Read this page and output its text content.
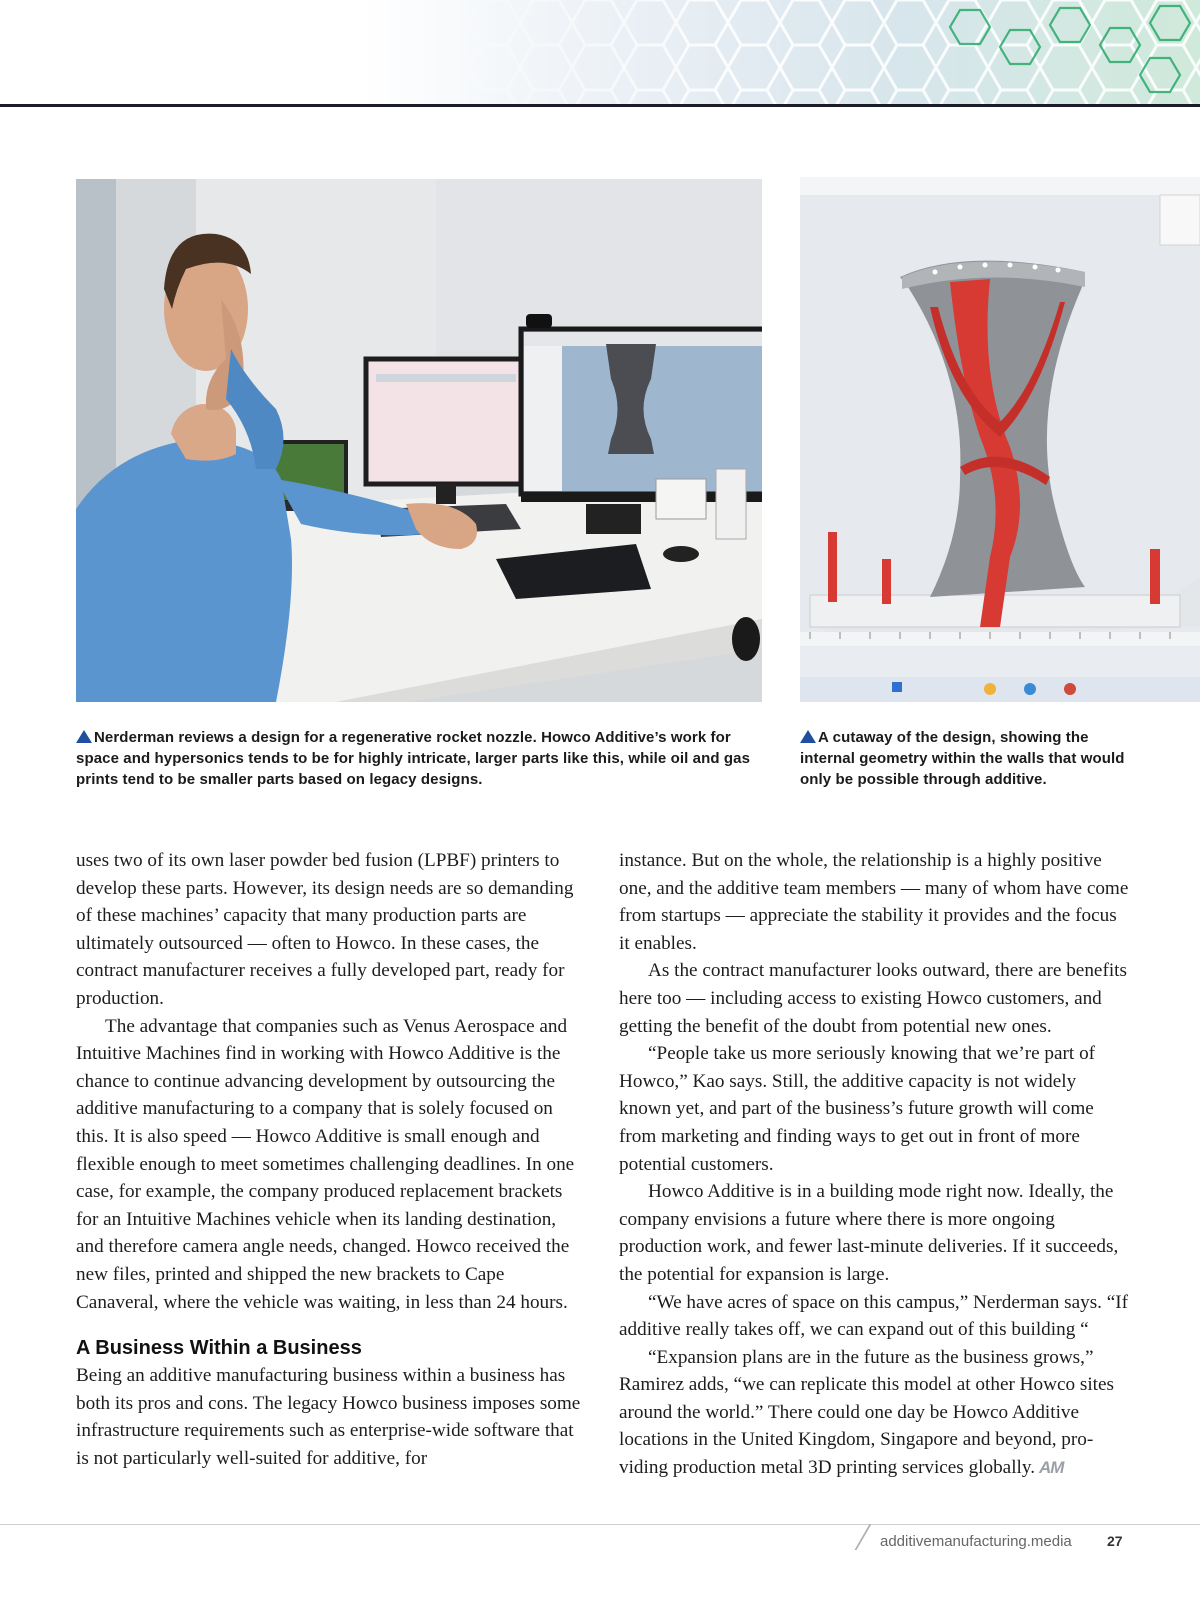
Nerderman reviews a design for a regenerative rocket nozzle. Howco Additive’s work for space and hypersonics tends to be for highly intricate, larger parts like this, while oil and gas prints tend to be smaller parts based on legacy designs.
A cutaway of the design, showing the internal geometry within the walls that would only be possible through additive.

uses two of its own laser powder bed fusion (LPBF) printers to develop these parts. However, its design needs are so demanding of these machines’ capacity that many production parts are ultimately outsourced — often to Howco. In these cases, the contract manufacturer receives a fully developed part, ready for production.

The advantage that companies such as Venus Aerospace and Intuitive Machines find in working with Howco Additive is the chance to continue advancing development by outsourcing the additive manufacturing to a company that is solely focused on this. It is also speed — Howco Additive is small enough and flexible enough to meet sometimes challenging deadlines. In one case, for example, the company produced replacement brackets for an Intuitive Machines vehicle when its landing destination, and therefore camera angle needs, changed. Howco received the new files, printed and shipped the new brackets to Cape Canaveral, where the vehicle was waiting, in less than 24 hours.

A Business Within a Business

Being an additive manufacturing business within a business has both its pros and cons. The legacy Howco business imposes some infrastructure requirements such as enterprise-wide software that is not particularly well-suited for additive, for

instance. But on the whole, the relationship is a highly positive one, and the additive team members — many of whom have come from startups — appreciate the stability it provides and the focus it enables.

As the contract manufacturer looks outward, there are benefits here too — including access to existing Howco customers, and getting the benefit of the doubt from potential new ones.

“People take us more seriously knowing that we’re part of Howco,” Kao says. Still, the additive capacity is not widely known yet, and part of the business’s future growth will come from marketing and finding ways to get out in front of more potential customers.

Howco Additive is in a building mode right now. Ideally, the company envisions a future where there is more ongoing production work, and fewer last-minute deliveries. If it succeeds, the potential for expansion is large.

“We have acres of space on this campus,” Nerderman says. “If additive really takes off, we can expand out of this building “

“Expansion plans are in the future as the business grows,” Ramirez adds, “we can replicate this model at other Howco sites around the world.” There could one day be Howco Additive locations in the United Kingdom, Singapore and beyond, providing production metal 3D printing services globally. AM

additivemanufacturing.media	27
